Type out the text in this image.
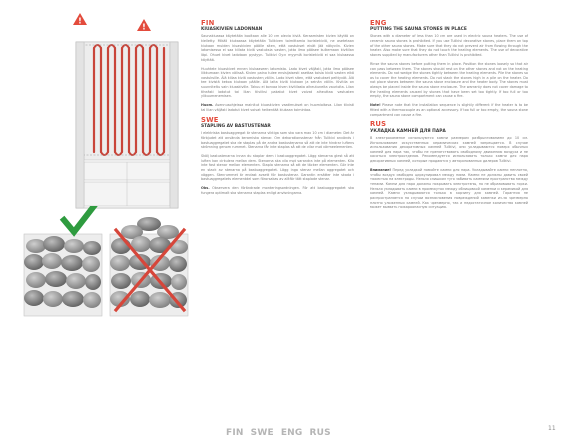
!
!	FIN
KIUASKIVIEN LADONNAN

Saunakiuassa käytetään kooltaan alle 10 cm olevia kiviä. Keraamisten kivien käyttö on kielletty. Mikäli kiukaassa käytetään Tulikiven toimittamia koristekiviä, ne asetetaan kiukaan muiden kiuaskivien päälle siten, että vastukset eivät jää näkyviin. Kivien latomisessa ei saa kiilata kiviä vastuksia vasten, jotta ilma pääsee kulkemaan kivitilan läpi. Ohuet kivet ladotaan pystyyn. Tulikivi Oy:n myymiä koristekiviä ei saa kiukaassa käyttää.

Huuhtele kiuaskivet ennen kiukaaseen latomista. Lado kivet väljästi, jotta ilma pääsee liikkumaan kivien välissä. Kivien paino tulee ensisijaisesti asettaa toisia kiviä vasten eikä vastuksille. Älä kiilaa kiviä vastusten väliin. Lado kivet siten, että vastukset peittyvät. Älä tee kivistä kekoa kiukaan päälle. Älä laita kiviä kiukaan ja seinän väliin. Kivitila on suunniteltu vain kiuaskiville. Takuu ei korvaa kiven kivitilasta aiheutuneita vaurioita. Liian tiheästi ladotut tai liian tiiviiksi pakatut kivet voivat aiheuttaa vastusten ylikuumenemisen.

Huom. Asennusohjeissa mainitut kiuaskivien vaatimukset on huomioitava. Liian tiivisti tai liian väljästi ladotut kivet voivat heikentää kiukaan toimintaa.

SWE
STAPLING AV BASTUSTENAR

I elektriska bastuaggregat är stenarna viktiga som ska vara max 10 cm i diameter. Det är förbjudet att använda keramiska stenar. Om dekorationsstenar från Tulikivi används i bastuaggregatet ska de staplas på de andra bastustenarna så att de inte hindrar luftens strömning genom rummet. Stenarna får inte staplas så att de vilar mot värmeelementen.

Skölj bastustenarna innan du staplar dem i bastuaggregatet. Lägg stenarna glest så att luften kan cirkulera mellan dem. Stenarna ska vila mot varandra inte på elementen. Kila inte fast stenar mellan elementen. Stapla stenarna så att de täcker elementen. Gör inte en stack av stenarna på bastuaggregatet. Lägg inga stenar mellan aggregatet och väggen. Stenrummet är endast avsett för bastustenar. Garantin ersätter inte skada i bastuaggregatets elementdel som förorsakas av alltför tätt staplade stenar.

Obs. Observera den förändrade monteringsordningen. För att bastuaggregatet ska fungera optimalt ska stenarna staplas enligt anvisningarna.

ENG
PUTTING THE SAUNA STONES IN PLACE

Stones with a diameter of less than 10 cm are used in electric sauna heaters. The use of ceramic sauna stones is prohibited. If you use Tulikivi decorative stones, place them on top of the other sauna stones. Make sure that they do not prevent air from flowing through the heater. Also make sure that they do not touch the heating elements. The use of decorative stones supplied by manufacturers other than Tulikivi is prohibited.

Rinse the sauna stones before putting them in place. Position the stones loosely so that air can pass between them. The stones should rest on the other stones and not on the heating elements. Do not wedge the stones tightly between the heating elements. Pile the stones so as to cover the heating elements. Do not stack the stones high in a pile on the heater. Do not place stones between the sauna stove enclosure and the heater body. The stones must always be placed inside the sauna stone enclosure. The warranty does not cover damage to the heating elements caused by stones that have been set too tightly. If too full or too empty, the sauna stone compartment can cause a fire.

Note! Please note that the installation sequence is slightly different if the heater is to be fitted with a thermocouple as an optional accessory. If too full or too empty, the sauna stone compartment can cause a fire.

RUS
УКЛАДКА КАМНЕЙ ДЛЯ ПАРА

В электрокаменке используются камни размером разбрызгиванием до 10 см. Использование искусственных керамических камней запрещается. В случае использования декоративных камней Tulikivi, они укладываются поверх обычных камней для пара так, чтобы не препятствовать свободному движению воздуха и не касаться электроотделов. Рекомендуется использовать только камни для пара декоративных камней, которые продаются у авторизованных дилеров Tulikivi.

Внимание! Перед укладкой помойте камни для пара. Укладывайте камни неплотно, чтобы воздух свободно циркулировал между ними. Камни не должны давить своей тяжестью на электроды. Нельзя слишком туго забивать камнями пространство между тенами. Камни для пара должны покрывать электротэны, но не образовывать горки. Нельзя укладывать камни в промежуток между облицовкой каменки и керамикой для камней. Камни укладываются только в корзину для камней. Гарантия не распространяется на случаи возникновения повреждений каменки из-за чрезмерно плотно уложенных камней. Как чрезмерно, так и недостаточное количество камней может вызвать пожароопасную ситуацию.

FIN SWE ENG RUS	11
